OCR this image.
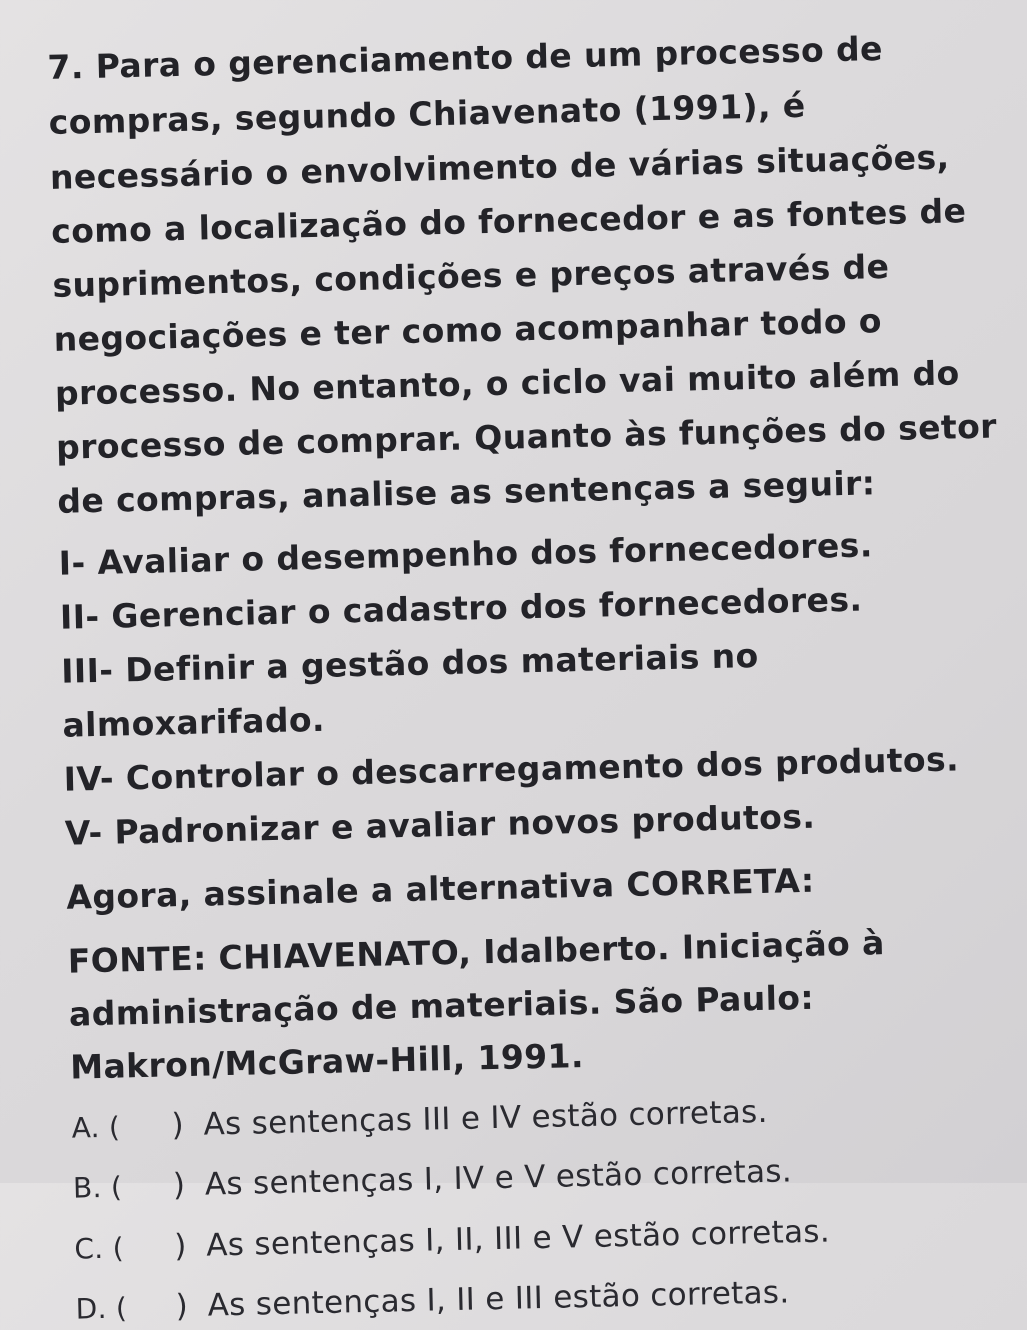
7. Para o gerenciamento de um processo de
compras, segundo Chiavenato (1991), é
necessário o envolvimento de várias situações,
como a localização do fornecedor e as fontes de
suprimentos, condições e preços através de
negociações e ter como acompanhar todo o
processo. No entanto, o ciclo vai muito além do
processo de comprar. Quanto às funções do setor
de compras, analise as sentenças a seguir:
I- Avaliar o desempenho dos fornecedores.
II- Gerenciar o cadastro dos fornecedores.
III- Definir a gestão dos materiais no
almoxarifado.
IV- Controlar o descarregamento dos produtos.
V- Padronizar e avaliar novos produtos.
Agora, assinale a alternativa CORRETA:
FONTE: CHIAVENATO, Idalberto. Iniciação à
administração de materiais. São Paulo:
Makron/McGraw-Hill, 1991.
A. ( ) As sentenças III e IV estão corretas.
B. ( ) As sentenças I, IV e V estão corretas.
C. ( ) As sentenças I, II, III e V estão corretas.
D. ( ) As sentenças I, II e III estão corretas.
